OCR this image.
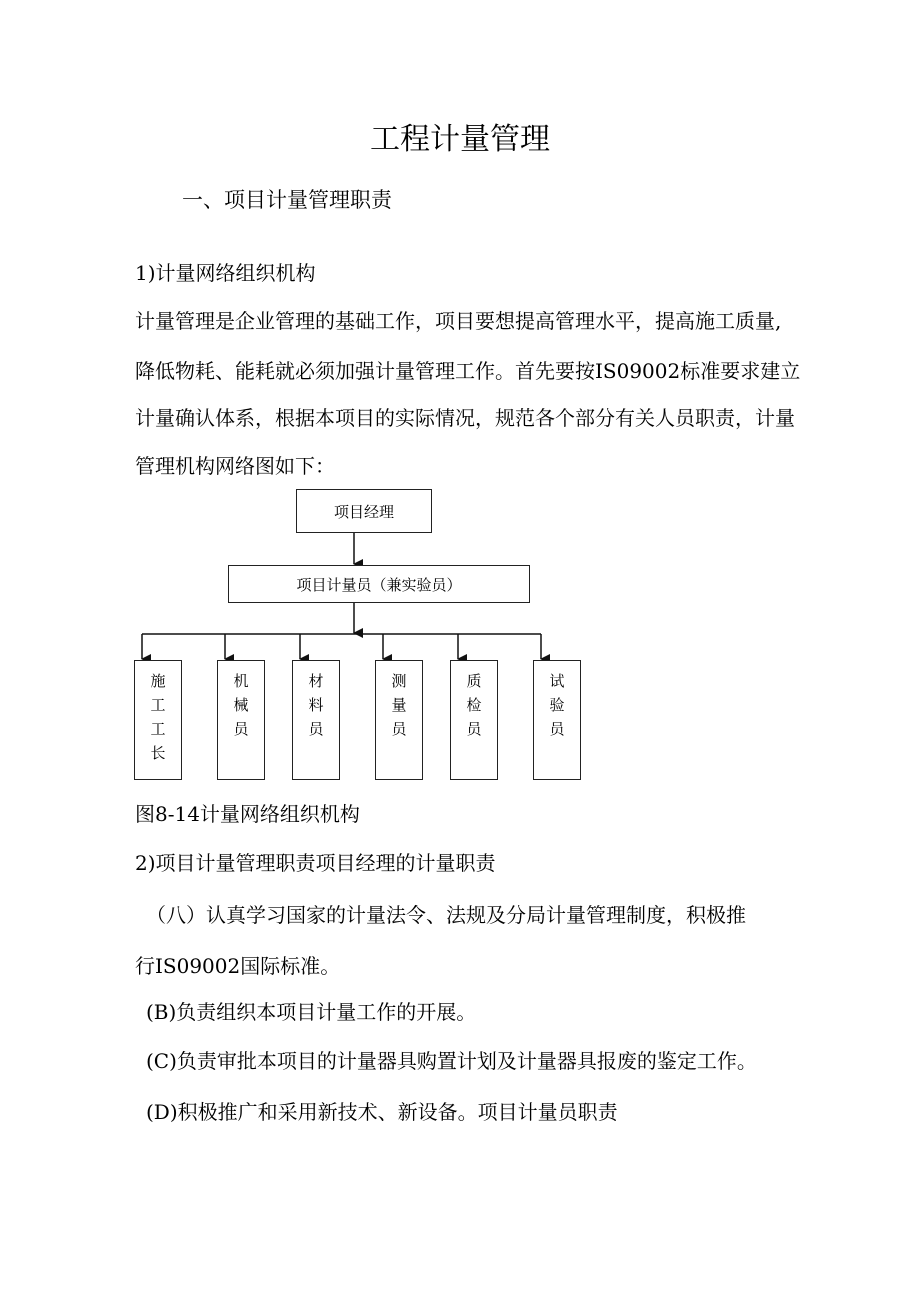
工程计量管理
一、项目计量管理职责
1)计量网络组织机构
计量管理是企业管理的基础工作，项目要想提高管理水平，提高施工质量,
降低物耗、能耗就必须加强计量管理工作。首先要按IS09002标准要求建立
计量确认体系，根据本项目的实际情况，规范各个部分有关人员职责，计量
管理机构网络图如下：
项目经理
项目计量员（兼实验员）
施
工
工
长
机
械
员
材
料
员
测
量
员
质
检
员
试
验
员
图8-14计量网络组织机构
2)项目计量管理职责项目经理的计量职责
（八）认真学习国家的计量法令、法规及分局计量管理制度，积极推
行IS09002国际标准。
(B)负责组织本项目计量工作的开展。
(C)负责审批本项目的计量器具购置计划及计量器具报废的鉴定工作。
(D)积极推广和采用新技术、新设备。项目计量员职责
